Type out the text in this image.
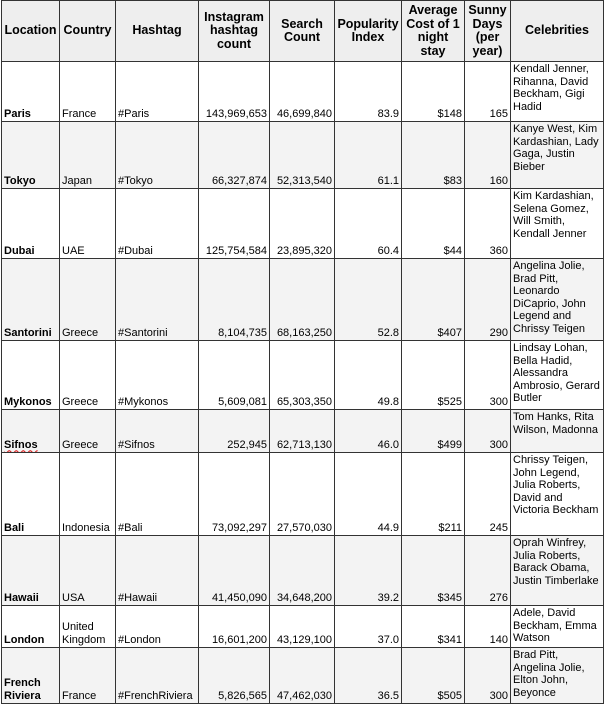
Location	Country	Hashtag	Instagram hashtag count	Search Count	Popularity Index	Average Cost of 1 night stay	Sunny Days (per year)	Celebrities
Paris	France	#Paris	143,969,653	46,699,840	83.9	$148	165	Kendall Jenner, Rihanna, David Beckham, Gigi Hadid
Tokyo	Japan	#Tokyo	66,327,874	52,313,540	61.1	$83	160	Kanye West, Kim Kardashian, Lady Gaga, Justin Bieber
Dubai	UAE	#Dubai	125,754,584	23,895,320	60.4	$44	360	Kim Kardashian, Selena Gomez, Will Smith, Kendall Jenner
Santorini	Greece	#Santorini	8,104,735	68,163,250	52.8	$407	290	Angelina Jolie, Brad Pitt, Leonardo DiCaprio, John Legend and Chrissy Teigen
Mykonos	Greece	#Mykonos	5,609,081	65,303,350	49.8	$525	300	Lindsay Lohan, Bella Hadid, Alessandra Ambrosio, Gerard Butler
Sifnos	Greece	#Sifnos	252,945	62,713,130	46.0	$499	300	Tom Hanks, Rita Wilson, Madonna
Bali	Indonesia	#Bali	73,092,297	27,570,030	44.9	$211	245	Chrissy Teigen, John Legend, Julia Roberts, David and Victoria Beckham
Hawaii	USA	#Hawaii	41,450,090	34,648,200	39.2	$345	276	Oprah Winfrey, Julia Roberts, Barack Obama, Justin Timberlake
London	United Kingdom	#London	16,601,200	43,129,100	37.0	$341	140	Adele, David Beckham, Emma Watson
French Riviera	France	#FrenchRiviera	5,826,565	47,462,030	36.5	$505	300	Brad Pitt, Angelina Jolie, Elton John, Beyonce
